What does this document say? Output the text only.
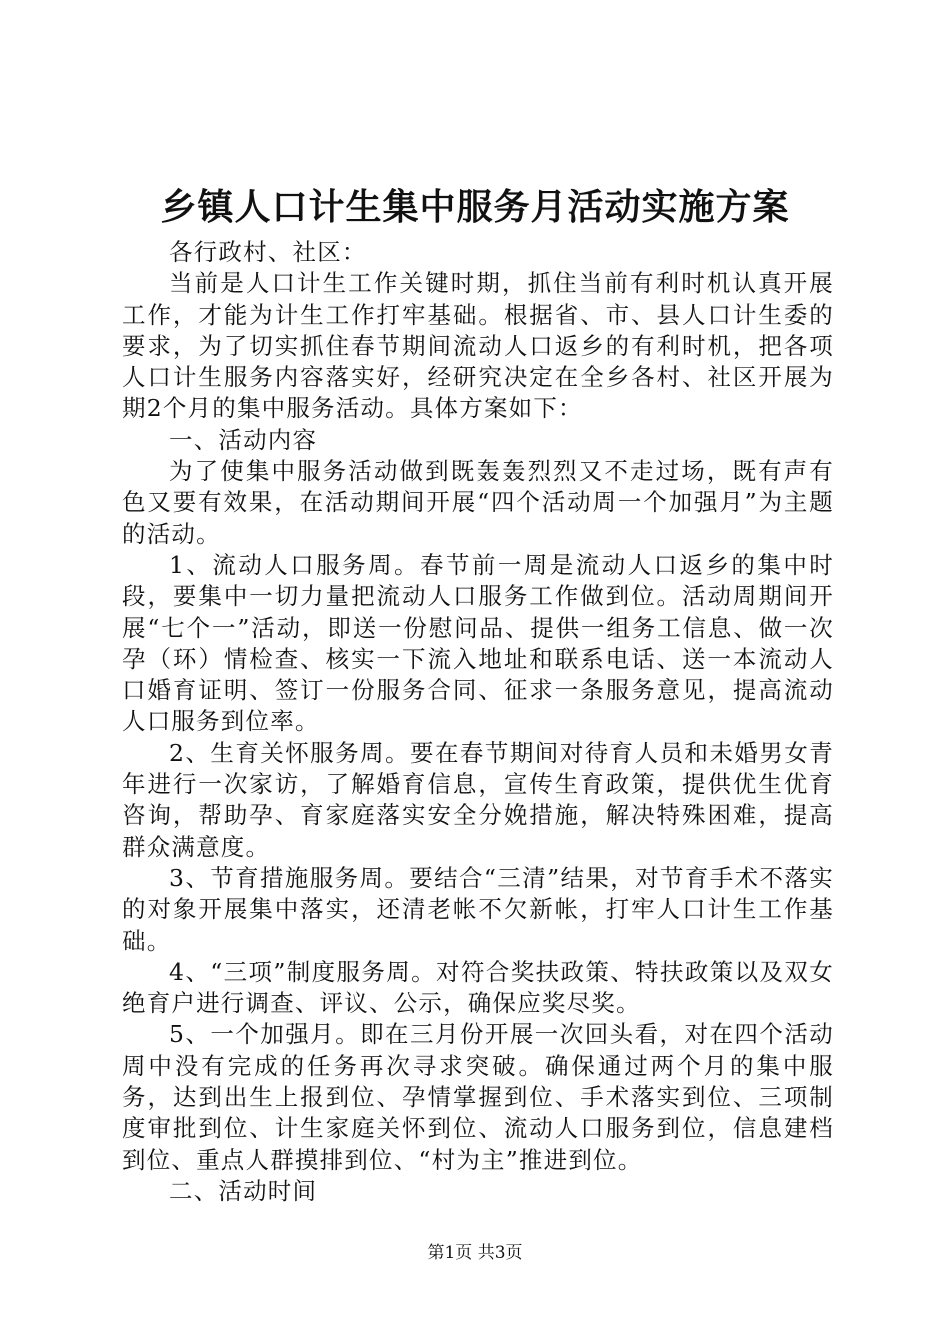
乡镇人口计生集中服务月活动实施方案

各行政村、社区：

当前是人口计生工作关键时期，抓住当前有利时机认真开展工作，才能为计生工作打牢基础。根据省、市、县人口计生委的要求，为了切实抓住春节期间流动人口返乡的有利时机，把各项人口计生服务内容落实好，经研究决定在全乡各村、社区开展为期2个月的集中服务活动。具体方案如下：

一、活动内容

为了使集中服务活动做到既轰轰烈烈又不走过场，既有声有色又要有效果，在活动期间开展“四个活动周一个加强月”为主题的活动。

1、流动人口服务周。春节前一周是流动人口返乡的集中时段，要集中一切力量把流动人口服务工作做到位。活动周期间开展“七个一”活动，即送一份慰问品、提供一组务工信息、做一次孕（环）情检查、核实一下流入地址和联系电话、送一本流动人口婚育证明、签订一份服务合同、征求一条服务意见，提高流动人口服务到位率。

2、生育关怀服务周。要在春节期间对待育人员和未婚男女青年进行一次家访，了解婚育信息，宣传生育政策，提供优生优育咨询，帮助孕、育家庭落实安全分娩措施，解决特殊困难，提高群众满意度。

3、节育措施服务周。要结合“三清”结果，对节育手术不落实的对象开展集中落实，还清老帐不欠新帐，打牢人口计生工作基础。

4、“三项”制度服务周。对符合奖扶政策、特扶政策以及双女绝育户进行调查、评议、公示，确保应奖尽奖。

5、一个加强月。即在三月份开展一次回头看，对在四个活动周中没有完成的任务再次寻求突破。确保通过两个月的集中服务，达到出生上报到位、孕情掌握到位、手术落实到位、三项制度审批到位、计生家庭关怀到位、流动人口服务到位，信息建档到位、重点人群摸排到位、“村为主”推进到位。

二、活动时间

第1页 共3页
